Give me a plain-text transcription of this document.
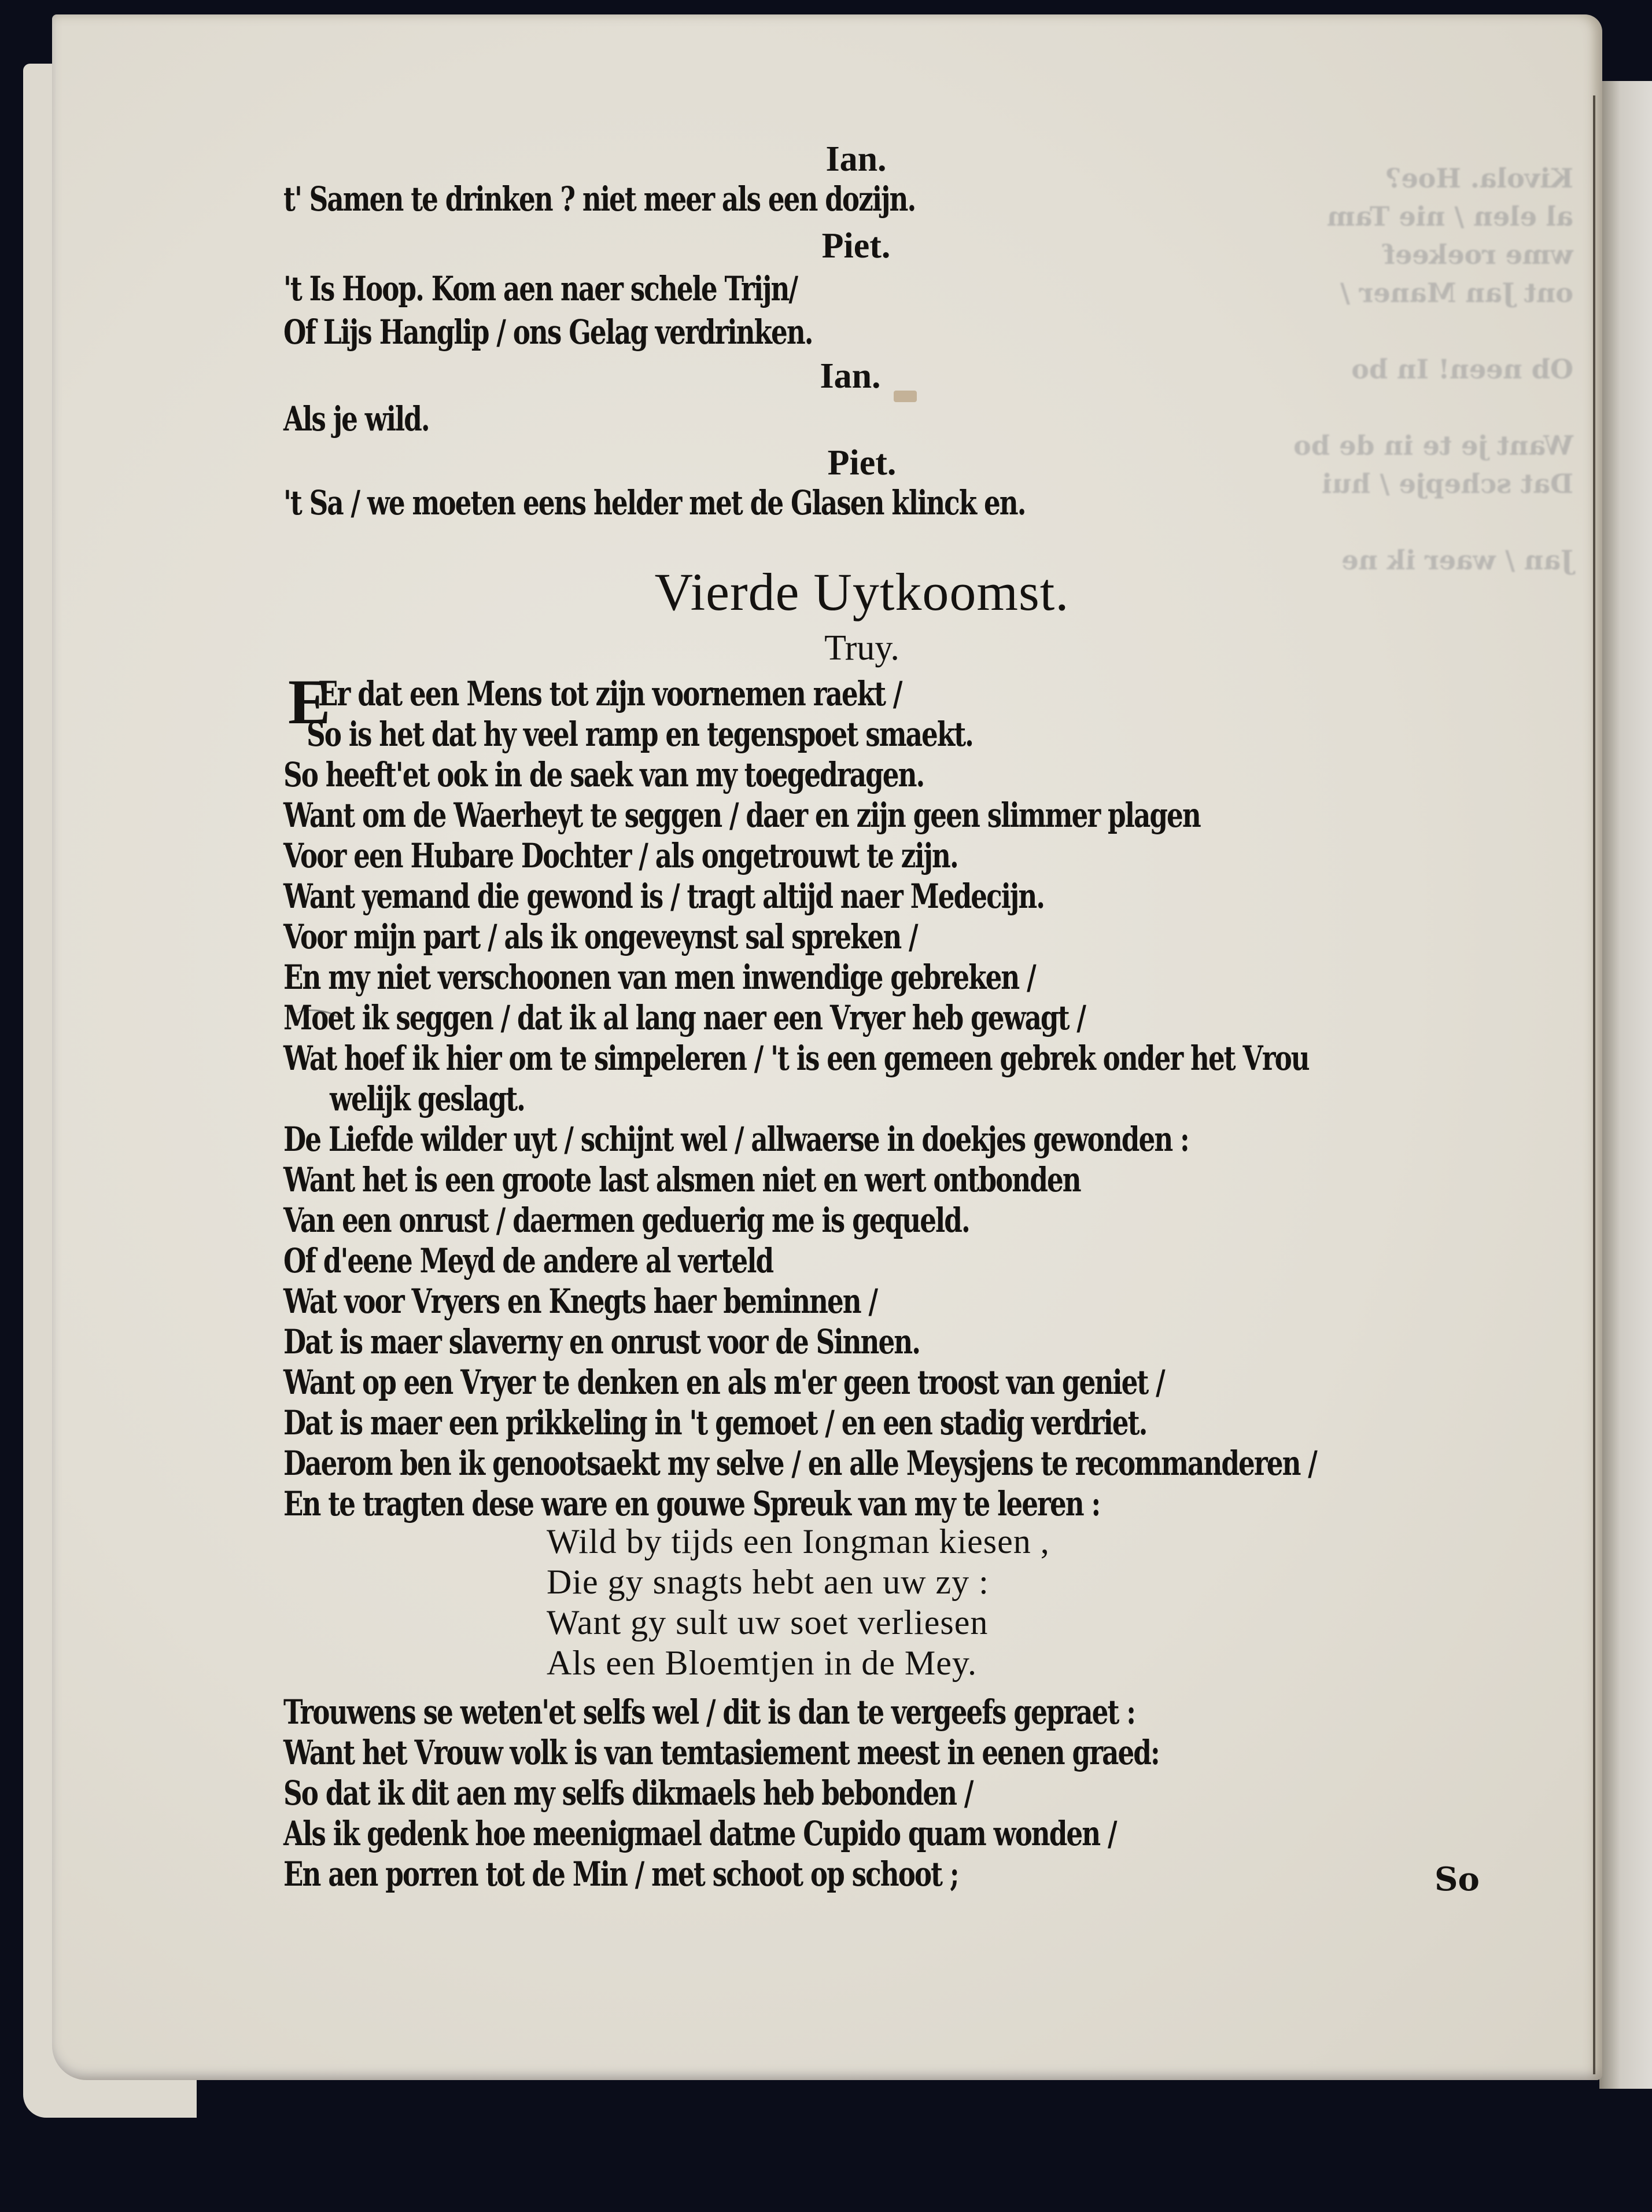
Kivola. Hoe?
al elen / nie Tam
wme roekeef
ont Jan Maner /
Ob neen! In bo
Want je te in de bo
Dat schepje / hui
Jan / waer ik ne
Ian.
t' Samen te drinken ? niet meer als een dozijn.
Piet.
't Is Hoop. Kom aen naer schele Trijn/
Of Lijs Hanglip / ons Gelag verdrinken.
Ian.
Als je wild.
Piet.
't Sa / we moeten eens helder met de Glasen klinck en.
Vierde Uytkoomst.
Truy.
E
Er dat een Mens tot zijn voornemen raekt /
So is het dat hy veel ramp en tegenspoet smaekt.
So heeft'et ook in de saek van my toegedragen.
Want om de Waerheyt te seggen / daer en zijn geen slimmer plagen
Voor een Hubare Dochter / als ongetrouwt te zijn.
Want yemand die gewond is / tragt altijd naer Medecijn.
Voor mijn part / als ik ongeveynst sal spreken /
En my niet verschoonen van men inwendige gebreken /
Moet ik seggen / dat ik al lang naer een Vryer heb gewagt /
Wat hoef ik hier om te simpeleren / 't is een gemeen gebrek onder het Vrou
welijk geslagt.
De Liefde wilder uyt / schijnt wel / allwaerse in doekjes gewonden :
Want het is een groote last alsmen niet en wert ontbonden
Van een onrust / daermen geduerig me is gequeld.
Of d'eene Meyd de andere al verteld
Wat voor Vryers en Knegts haer beminnen /
Dat is maer slaverny en onrust voor de Sinnen.
Want op een Vryer te denken en als m'er geen troost van geniet /
Dat is maer een prikkeling in 't gemoet / en een stadig verdriet.
Daerom ben ik genootsaekt my selve / en alle Meysjens te recommanderen /
En te tragten dese ware en gouwe Spreuk van my te leeren :
Wild by tijds een Iongman kiesen ,
Die gy snagts hebt aen uw zy :
Want gy sult uw soet verliesen
Als een Bloemtjen in de Mey.
Trouwens se weten'et selfs wel / dit is dan te vergeefs gepraet :
Want het Vrouw volk is van temtasiement meest in eenen graed:
So dat ik dit aen my selfs dikmaels heb bebonden /
Als ik gedenk hoe meenigmael datme Cupido quam wonden /
En aen porren tot de Min / met schoot op schoot ;	So
